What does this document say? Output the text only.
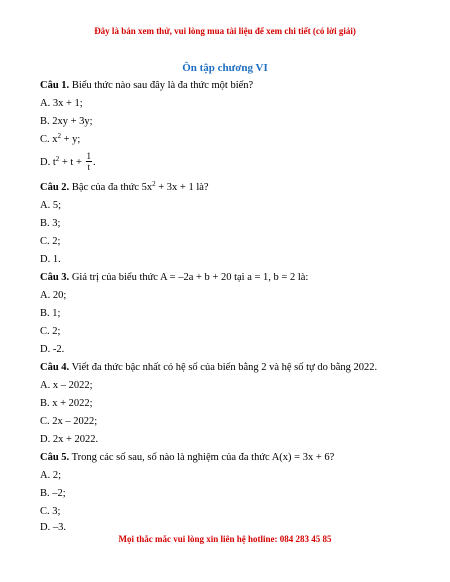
Đây là bản xem thử, vui lòng mua tài liệu để xem chi tiết (có lời giải)
Ôn tập chương VI
Câu 1. Biểu thức nào sau đây là đa thức một biến?
A. 3x + 1;
B. 2xy + 3y;
C. $x^2 + y$;
D. $t^2 + t + \frac{1}{t}$ .
Câu 2. Bậc của đa thức $5x^2 + 3x + 1$ là?
A. 5;
B. 3;
C. 2;
D. 1.
Câu 3. Giá trị của biểu thức A = –2a + b + 20 tại a = 1, b = 2 là:
A. 20;
B. 1;
C. 2;
D. -2.
Câu 4. Viết đa thức bậc nhất có hệ số của biến bằng 2 và hệ số tự do bằng 2022.
A. x – 2022;
B. x + 2022;
C. 2x – 2022;
D. 2x + 2022.
Câu 5. Trong các số sau, số nào là nghiệm của đa thức A(x) = 3x + 6?
A. 2;
B. –2;
C. 3;
D. –3.
Mọi thắc mắc vui lòng xin liên hệ hotline: 084 283 45 85
